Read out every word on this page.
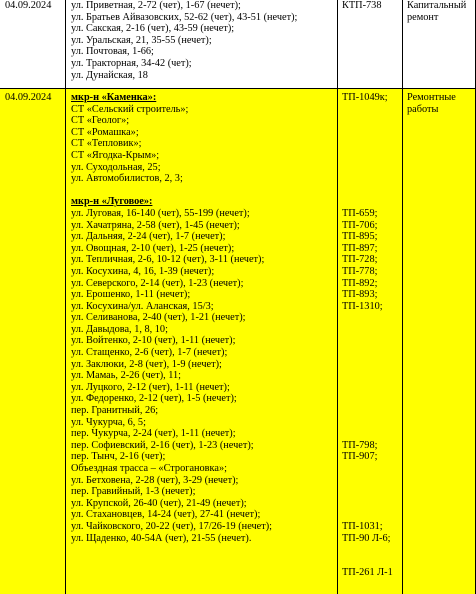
04.09.2024 ул. Приветная, 2-72 (чет), 1-67 (нечет);
ул. Братьев Айвазовских, 52-62 (чет), 43-51 (нечет);
ул. Сакская, 2-16 (чет), 43-59 (нечет);
ул. Уральская, 21, 35-55 (нечет);
ул. Почтовая, 1-66;
ул. Тракторная, 34-42 (чет);
ул. Дунайская, 18
КТП-738 Капитальный
ремонт
04.09.2024 мкр-н «Каменка»:
СТ «Сельский строитель»;
СТ «Геолог»;
СТ «Ромашка»;
СТ «Тепловик»;
СТ «Ягодка-Крым»;
ул. Суходольная, 25;
ул. Автомобилистов, 2, 3;
мкр-н «Луговое»:
ул. Луговая, 16-140 (чет), 55-199 (нечет);
ул. Хачатряна, 2-58 (чет), 1-45 (нечет);
ул. Дальняя, 2-24 (чет), 1-7 (нечет);
ул. Овощная, 2-10 (чет), 1-25 (нечет);
ул. Тепличная, 2-6, 10-12 (чет), 3-11 (нечет);
ул. Косухина, 4, 16, 1-39 (нечет);
ул. Северского, 2-14 (чет), 1-23 (нечет);
ул. Ерошенко, 1-11 (нечет);
ул. Косухина/ул. Аланская, 15/3;
ул. Селиванова, 2-40 (чет), 1-21 (нечет);
ул. Давыдова, 1, 8, 10;
ул. Войтенко, 2-10 (чет), 1-11 (нечет);
ул. Стащенко, 2-6 (чет), 1-7 (нечет);
ул. Заклюки, 2-8 (чет), 1-9 (нечет);
ул. Мамаь, 2-26 (чет), 11;
ул. Луцкого, 2-12 (чет), 1-11 (нечет);
ул. Федоренко, 2-12 (чет), 1-5 (нечет);
пер. Гранитный, 26;
ул. Чукурча, 6, 5;
пер. Чукурча, 2-24 (чет), 1-11 (нечет);
пер. Софиевский, 2-16 (чет), 1-23 (нечет);
пер. Тынч, 2-16 (чет);
Объездная трасса – «Строгановка»;
ул. Бетховена, 2-28 (чет), 3-29 (нечет);
пер. Гравийный, 1-3 (нечет);
ул. Крупской, 26-40 (чет), 21-49 (нечет);
ул. Стахановцев, 14-24 (чет), 27-41 (нечет);
ул. Чайковского, 20-22 (чет), 17/26-19 (нечет);
ул. Щаденко, 40-54А (чет), 21-55 (нечет).
ТП-1049к;
ТП-659;
ТП-706;
ТП-895;
ТП-897;
ТП-728;
ТП-778;
ТП-892;
ТП-893;
ТП-1310;
ТП-798;
ТП-907;
ТП-1031;
ТП-90 Л-6;
ТП-261 Л-1
Ремонтные
работы
